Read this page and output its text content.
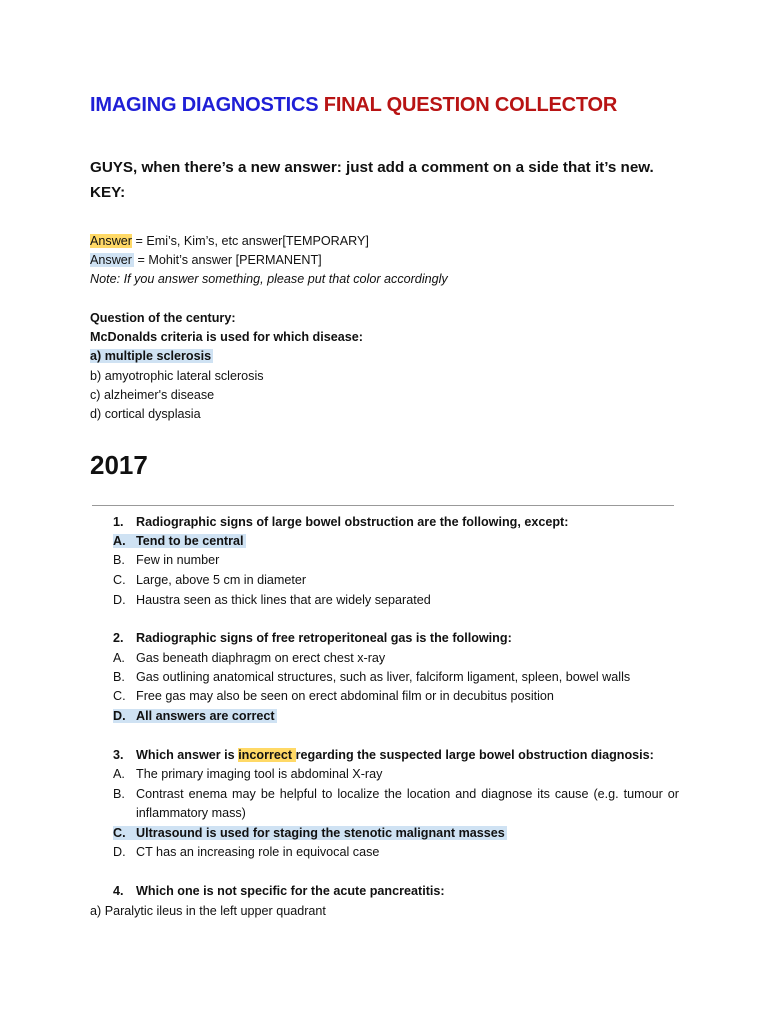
IMAGING DIAGNOSTICS FINAL QUESTION COLLECTOR
GUYS, when there’s a new answer: just add a comment on a side that it’s new.
KEY:
Answer = Emi’s, Kim’s, etc answer[TEMPORARY]
Answer = Mohit’s answer [PERMANENT]
Note: If you answer something, please put that color accordingly
Question of the century:
McDonalds criteria is used for which disease:
a) multiple sclerosis
b) amyotrophic lateral sclerosis
c) alzheimer's disease
d) cortical dysplasia
2017
1. Radiographic signs of large bowel obstruction are the following, except:
A. Tend to be central
B. Few in number
C. Large, above 5 cm in diameter
D. Haustra seen as thick lines that are widely separated
2. Radiographic signs of free retroperitoneal gas is the following:
A. Gas beneath diaphragm on erect chest x-ray
B. Gas outlining anatomical structures, such as liver, falciform ligament, spleen, bowel walls
C. Free gas may also be seen on erect abdominal film or in decubitus position
D. All answers are correct
3. Which answer is incorrect regarding the suspected large bowel obstruction diagnosis:
A. The primary imaging tool is abdominal X-ray
B. Contrast enema may be helpful to localize the location and diagnose its cause (e.g. tumour or inflammatory mass)
C. Ultrasound is used for staging the stenotic malignant masses
D. CT has an increasing role in equivocal case
4. Which one is not specific for the acute pancreatitis:
a) Paralytic ileus in the left upper quadrant
